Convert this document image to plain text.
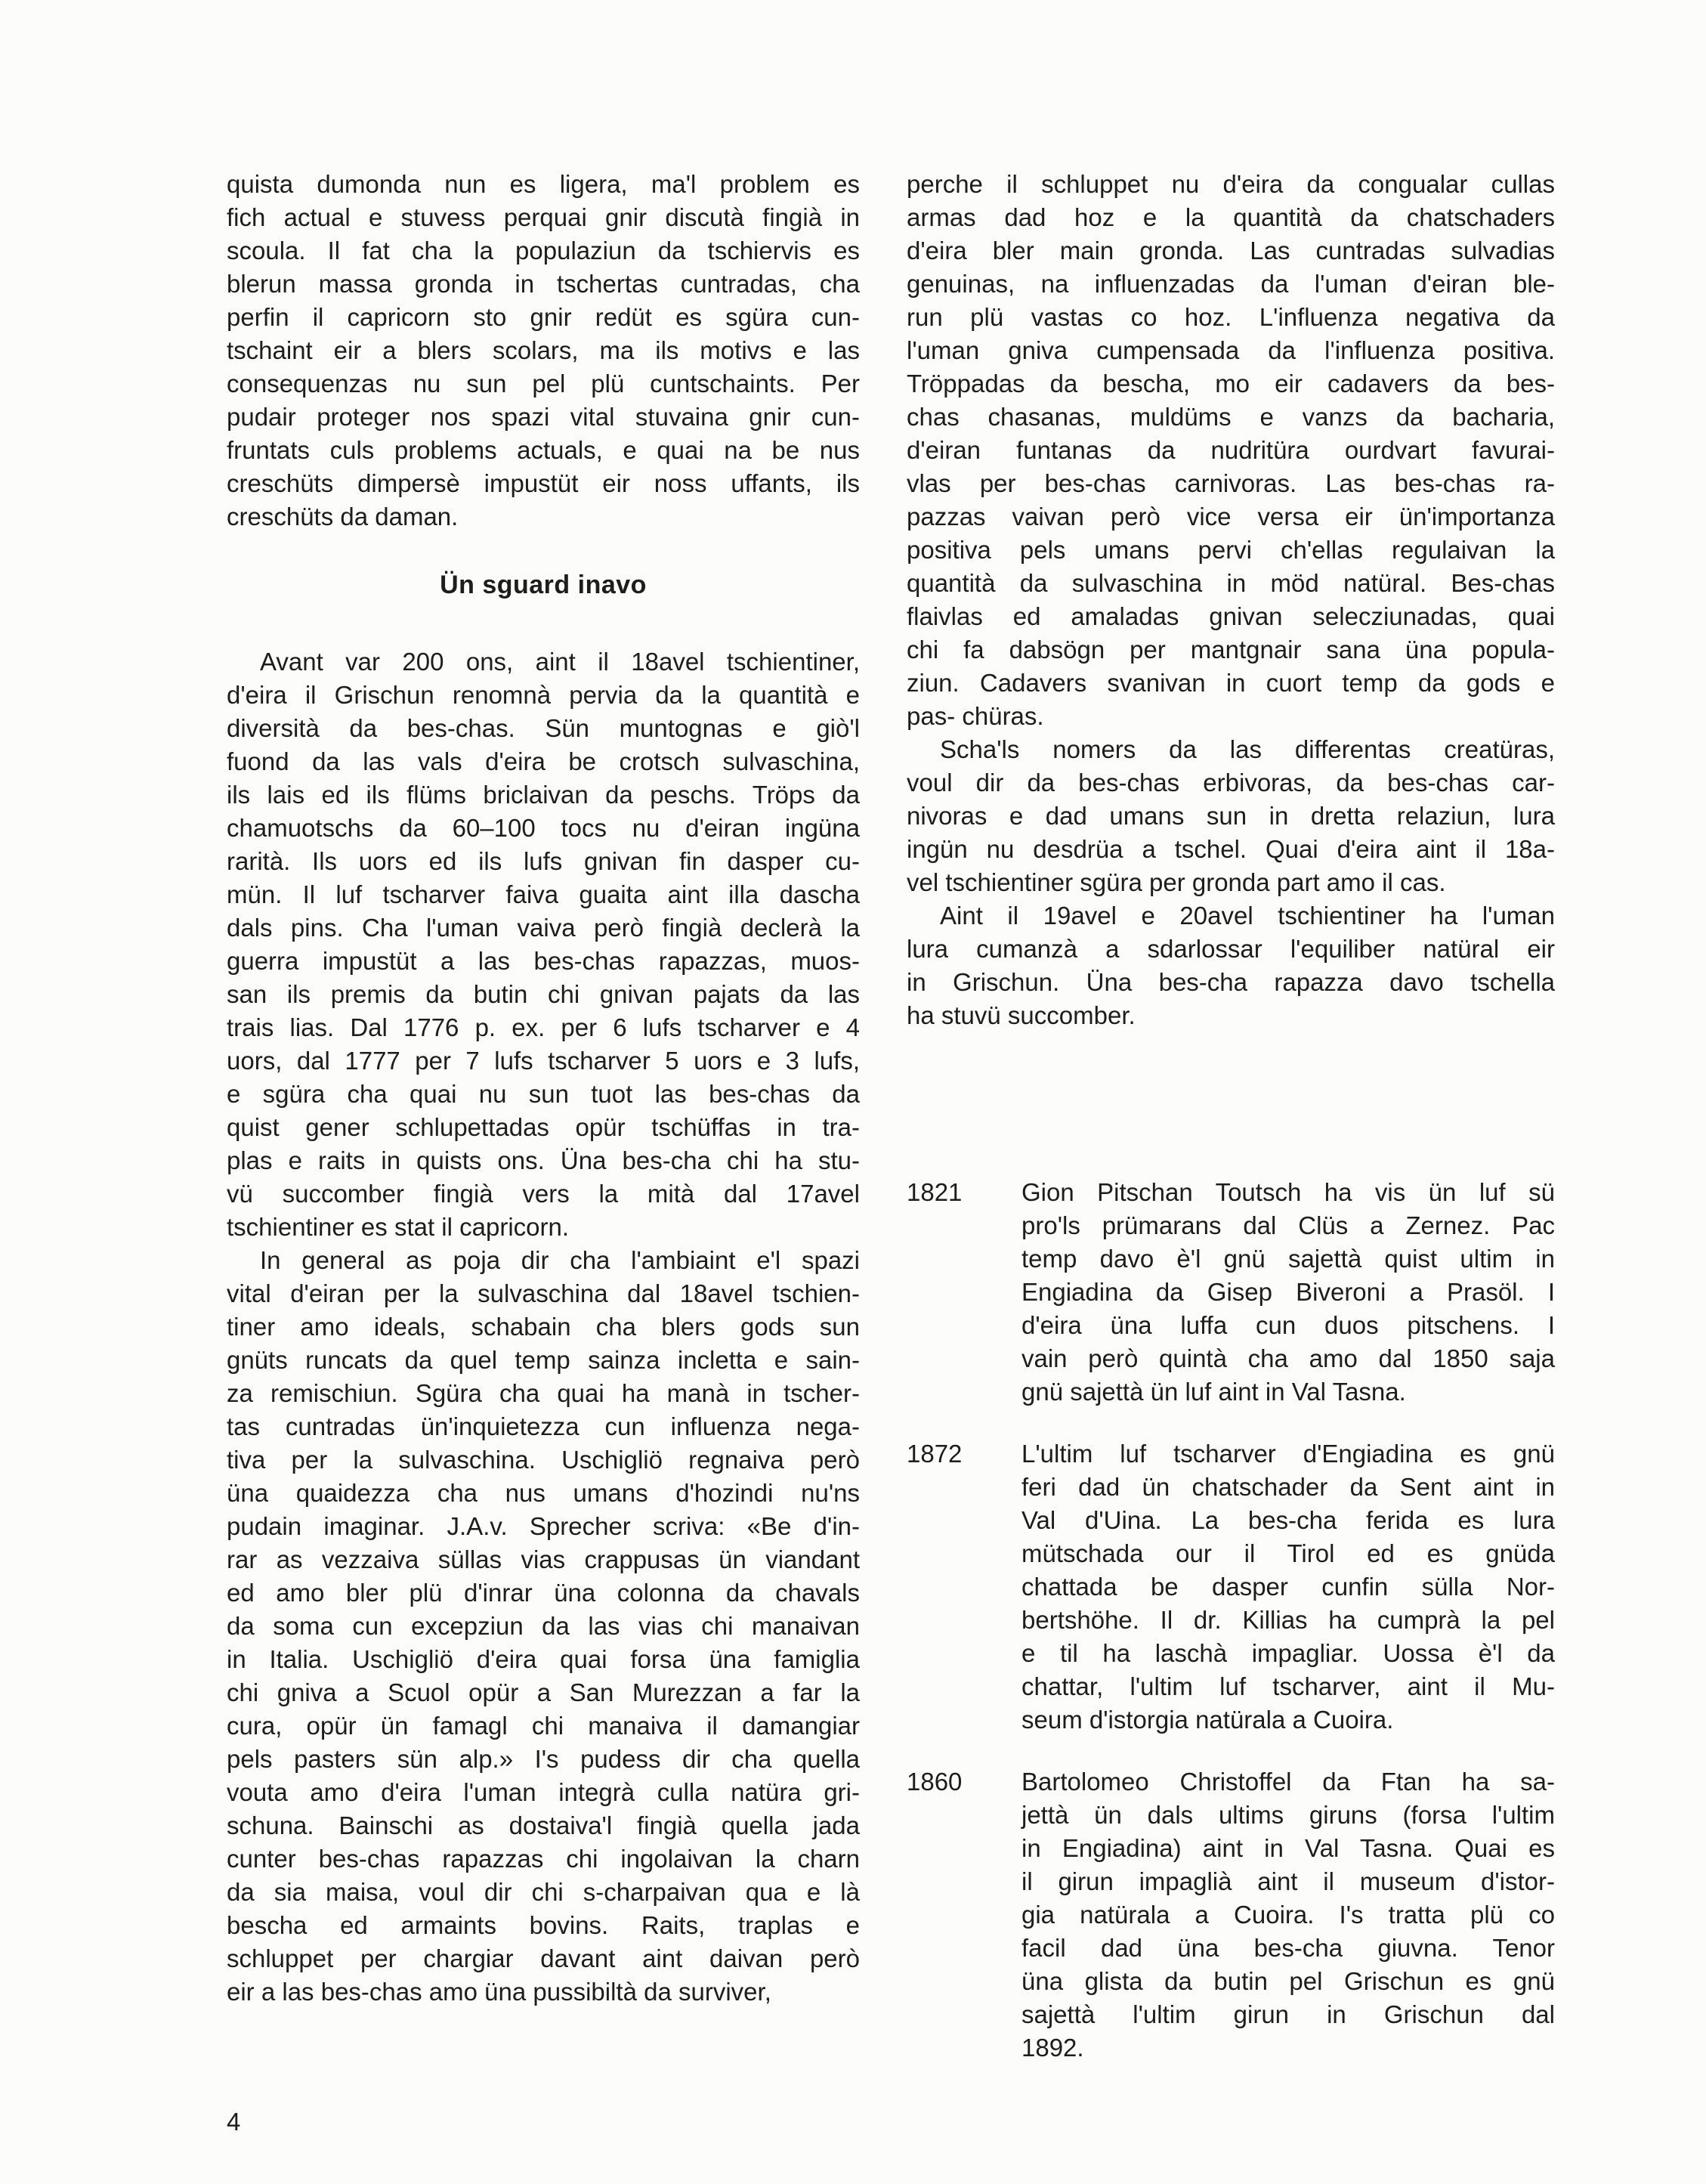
quista dumonda nun es ligera, ma'l problem es
fich actual e stuvess perquai gnir discutà fingià in
scoula. Il fat cha la populaziun da tschiervis es
blerun massa gronda in tschertas cuntradas, cha
perfin il capricorn sto gnir redüt es sgüra cun-
tschaint eir a blers scolars, ma ils motivs e las
consequenzas nu sun pel plü cuntschaints. Per
pudair proteger nos spazi vital stuvaina gnir cun-
fruntats culs problems actuals, e quai na be nus
creschüts dimpersè impustüt eir noss uffants, ils
creschüts da daman.
Ün sguard inavo
Avant var 200 ons, aint il 18avel tschientiner,
d'eira il Grischun renomnà pervia da la quantità e
diversità da bes-chas. Sün muntognas e giò'l
fuond da las vals d'eira be crotsch sulvaschina,
ils lais ed ils flüms briclaivan da peschs. Tröps da
chamuotschs da 60–100 tocs nu d'eiran ingüna
rarità. Ils uors ed ils lufs gnivan fin dasper cu-
mün. Il luf tscharver faiva guaita aint illa dascha
dals pins. Cha l'uman vaiva però fingià declerà la
guerra impustüt a las bes-chas rapazzas, muos-
san ils premis da butin chi gnivan pajats da las
trais lias. Dal 1776 p. ex. per 6 lufs tscharver e 4
uors, dal 1777 per 7 lufs tscharver 5 uors e 3 lufs,
e sgüra cha quai nu sun tuot las bes-chas da
quist gener schlupettadas opür tschüffas in tra-
plas e raits in quists ons. Üna bes-cha chi ha stu-
vü succomber fingià vers la mità dal 17avel
tschientiner es stat il capricorn.
In general as poja dir cha l'ambiaint e'l spazi
vital d'eiran per la sulvaschina dal 18avel tschien-
tiner amo ideals, schabain cha blers gods sun
gnüts runcats da quel temp sainza incletta e sain-
za remischiun. Sgüra cha quai ha manà in tscher-
tas cuntradas ün'inquietezza cun influenza nega-
tiva per la sulvaschina. Uschigliö regnaiva però
üna quaidezza cha nus umans d'hozindi nu'ns
pudain imaginar. J.A.v. Sprecher scriva: «Be d'in-
rar as vezzaiva süllas vias crappusas ün viandant
ed amo bler plü d'inrar üna colonna da chavals
da soma cun excepziun da las vias chi manaivan
in Italia. Uschigliö d'eira quai forsa üna famiglia
chi gniva a Scuol opür a San Murezzan a far la
cura, opür ün famagl chi manaiva il damangiar
pels pasters sün alp.» I's pudess dir cha quella
vouta amo d'eira l'uman integrà culla natüra gri-
schuna. Bainschi as dostaiva'l fingià quella jada
cunter bes-chas rapazzas chi ingolaivan la charn
da sia maisa, voul dir chi s-charpaivan qua e là
bescha ed armaints bovins. Raits, traplas e
schluppet per chargiar davant aint daivan però
eir a las bes-chas amo üna pussibiltà da surviver,
perche il schluppet nu d'eira da congualar cullas
armas dad hoz e la quantità da chatschaders
d'eira bler main gronda. Las cuntradas sulvadias
genuinas, na influenzadas da l'uman d'eiran ble-
run plü vastas co hoz. L'influenza negativa da
l'uman gniva cumpensada da l'influenza positiva.
Tröppadas da bescha, mo eir cadavers da bes-
chas chasanas, muldüms e vanzs da bacharia,
d'eiran funtanas da nudritüra ourdvart favurai-
vlas per bes-chas carnivoras. Las bes-chas ra-
pazzas vaivan però vice versa eir ün'importanza
positiva pels umans pervi ch'ellas regulaivan la
quantità da sulvaschina in möd natüral. Bes-chas
flaivlas ed amaladas gnivan selecziunadas, quai
chi fa dabsögn per mantgnair sana üna popula-
ziun. Cadavers svanivan in cuort temp da gods e
pas- chüras.
Scha'ls nomers da las differentas creatüras,
voul dir da bes-chas erbivoras, da bes-chas car-
nivoras e dad umans sun in dretta relaziun, lura
ingün nu desdrüa a tschel. Quai d'eira aint il 18a-
vel tschientiner sgüra per gronda part amo il cas.
Aint il 19avel e 20avel tschientiner ha l'uman
lura cumanzà a sdarlossar l'equiliber natüral eir
in Grischun. Üna bes-cha rapazza davo tschella
ha stuvü succomber.
1821	Gion Pitschan Toutsch ha vis ün luf sü
pro'ls prümarans dal Clüs a Zernez. Pac
temp davo è'l gnü sajettà quist ultim in
Engiadina da Gisep Biveroni a Prasöl. I
d'eira üna luffa cun duos pitschens. I
vain però quintà cha amo dal 1850 saja
gnü sajettà ün luf aint in Val Tasna.
1872	L'ultim luf tscharver d'Engiadina es gnü
feri dad ün chatschader da Sent aint in
Val d'Uina. La bes-cha ferida es lura
mütschada our il Tirol ed es gnüda
chattada be dasper cunfin sülla Nor-
bertshöhe. Il dr. Killias ha cumprà la pel
e til ha laschà impagliar. Uossa è'l da
chattar, l'ultim luf tscharver, aint il Mu-
seum d'istorgia natürala a Cuoira.
1860	Bartolomeo Christoffel da Ftan ha sa-
jettà ün dals ultims giruns (forsa l'ultim
in Engiadina) aint in Val Tasna. Quai es
il girun impaglià aint il museum d'istor-
gia natürala a Cuoira. I's tratta plü co
facil dad üna bes-cha giuvna. Tenor
üna glista da butin pel Grischun es gnü
sajettà l'ultim girun in Grischun dal
1892.
4
